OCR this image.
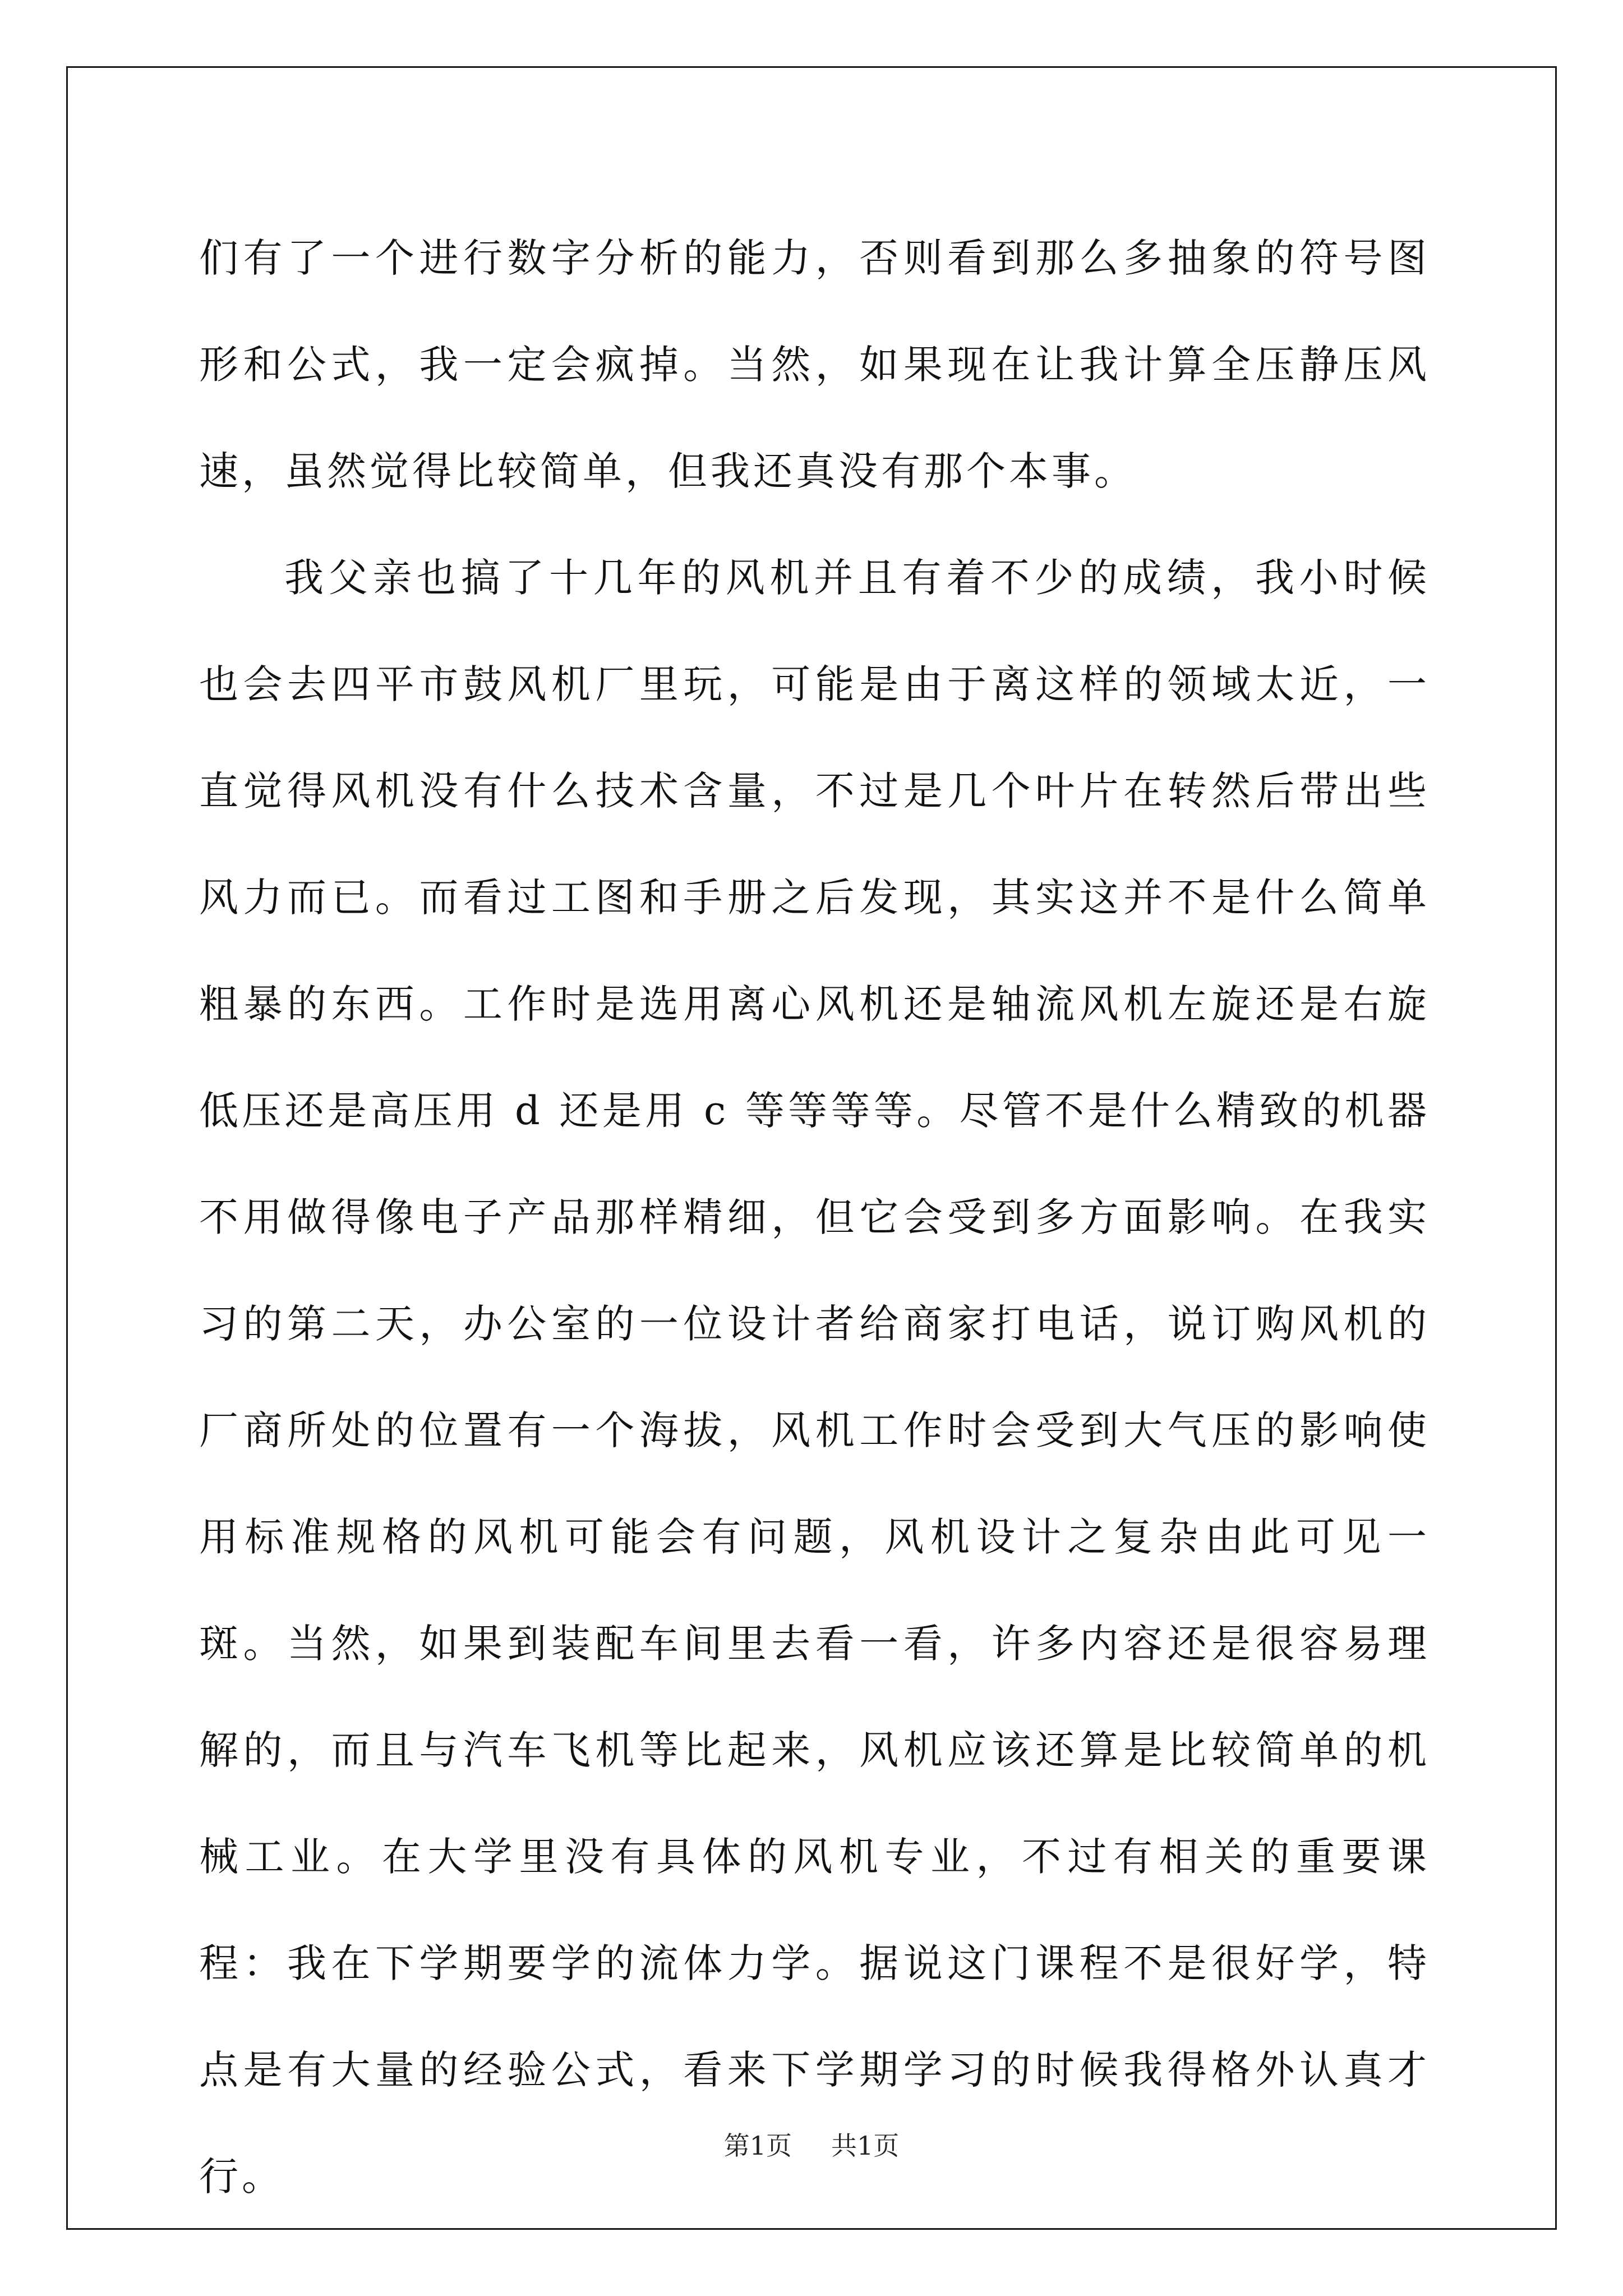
们有了一个进行数字分析的能力，否则看到那么多抽象的符号图形和公式，我一定会疯掉。当然，如果现在让我计算全压静压风速，虽然觉得比较简单，但我还真没有那个本事。

我父亲也搞了十几年的风机并且有着不少的成绩，我小时候也会去四平市鼓风机厂里玩，可能是由于离这样的领域太近，一直觉得风机没有什么技术含量，不过是几个叶片在转然后带出些风力而已。而看过工图和手册之后发现，其实这并不是什么简单粗暴的东西。工作时是选用离心风机还是轴流风机左旋还是右旋低压还是高压用 d 还是用 c 等等等等。尽管不是什么精致的机器不用做得像电子产品那样精细，但它会受到多方面影响。在我实习的第二天，办公室的一位设计者给商家打电话，说订购风机的厂商所处的位置有一个海拔，风机工作时会受到大气压的影响使用标准规格的风机可能会有问题，风机设计之复杂由此可见一斑。当然，如果到装配车间里去看一看，许多内容还是很容易理解的，而且与汽车飞机等比起来，风机应该还算是比较简单的机械工业。在大学里没有具体的风机专业，不过有相关的重要课程：我在下学期要学的流体力学。据说这门课程不是很好学，特点是有大量的经验公式，看来下学期学习的时候我得格外认真才行。

第1页 共1页
